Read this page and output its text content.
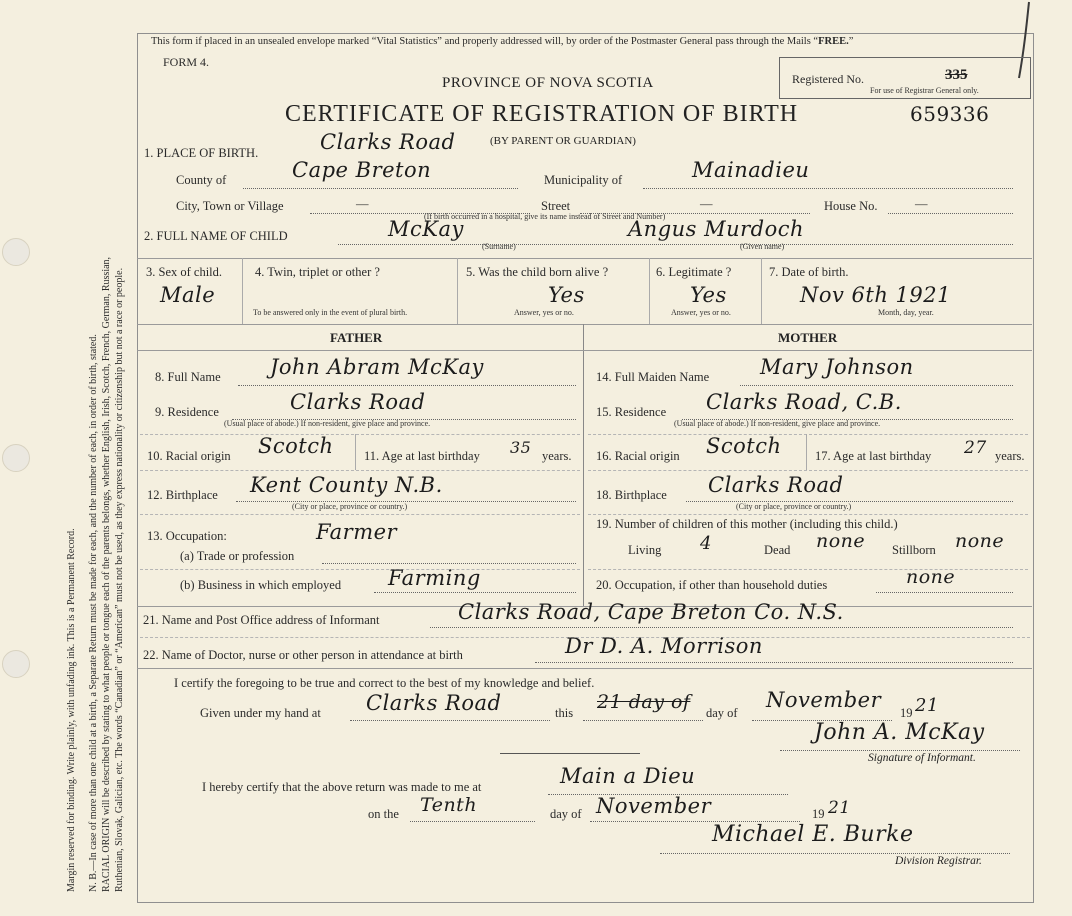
Margin reserved for binding. Write plainly, with unfading ink. This is a Permanent Record. N. B.—In case of more than one child at a birth, a Separate Return must be made for each, and the number of each, in order of birth, stated. RACIAL ORIGIN will be described by stating to what people or tongue each of the parents belongs, whether English, Irish, Scotch, French, German, Russian, Ruthenian, Slovak, Galician, etc. The words “Canadian” or “American” must not be used, as they express nationality or citizenship but not a race or people.
This form if placed in an unsealed envelope marked “Vital Statistics” and properly addressed will, by order of the Postmaster General pass through the Mails “FREE.”
FORM 4.
PROVINCE OF NOVA SCOTIA
CERTIFICATE OF REGISTRATION OF BIRTH	659336
Registered No.	335
For use of Registrar General only.
1. PLACE OF BIRTH.	Clarks Road	(BY PARENT OR GUARDIAN)
County of	Cape Breton	Municipality of	Mainadieu
City, Town or Village	—	Street	—	House No.	—
(If birth occurred in a hospital, give its name instead of Street and Number)
2. FULL NAME OF CHILD	McKay
(Surname)
Angus Murdoch
(Given name)
3. Sex of child.
Male
4. Twin, triplet or other ?
To be answered only in the event of plural birth.
5. Was the child born alive ?
Yes
Answer, yes or no.
6. Legitimate ?
Yes
Answer, yes or no.
7. Date of birth.
Nov 6th 1921
Month, day, year.
FATHER	MOTHER
8. Full Name John Abram McKay
9. Residence	Clarks Road
(Usual place of abode.) If non-resident, give place and province.
10. Racial origin Scotch 11. Age at last birthday 35 years.
12. Birthplace Kent County N.B.
(City or place, province or country.)
13. Occupation:	Farmer
(a) Trade or profession
(b) Business in which employed Farming
14. Full Maiden Name Mary Johnson
15. Residence Clarks Road, C.B.
(Usual place of abode.) If non-resident, give place and province.
16. Racial origin Scotch	17. Age at last birthday 27 years.
18. Birthplace Clarks Road
(City or place, province or country.)
19. Number of children of this mother (including this child.)
Living 4	Dead none Stillborn none
20. Occupation, if other than household duties	none
21. Name and Post Office address of Informant	Clarks Road, Cape Breton Co. N.S.
22. Name of Doctor, nurse or other person in attendance at birth	Dr D. A. Morrison
I certify the foregoing to be true and correct to the best of my knowledge and belief.
Given under my hand at Clarks Road	this 21 day of day of
November
19 21
John A. McKay
Signature of Informant.
I hereby certify that the above return was made to me at	Main a Dieu
on the Tenth	day of November	19 21
Michael E. Burke
Division Registrar.
